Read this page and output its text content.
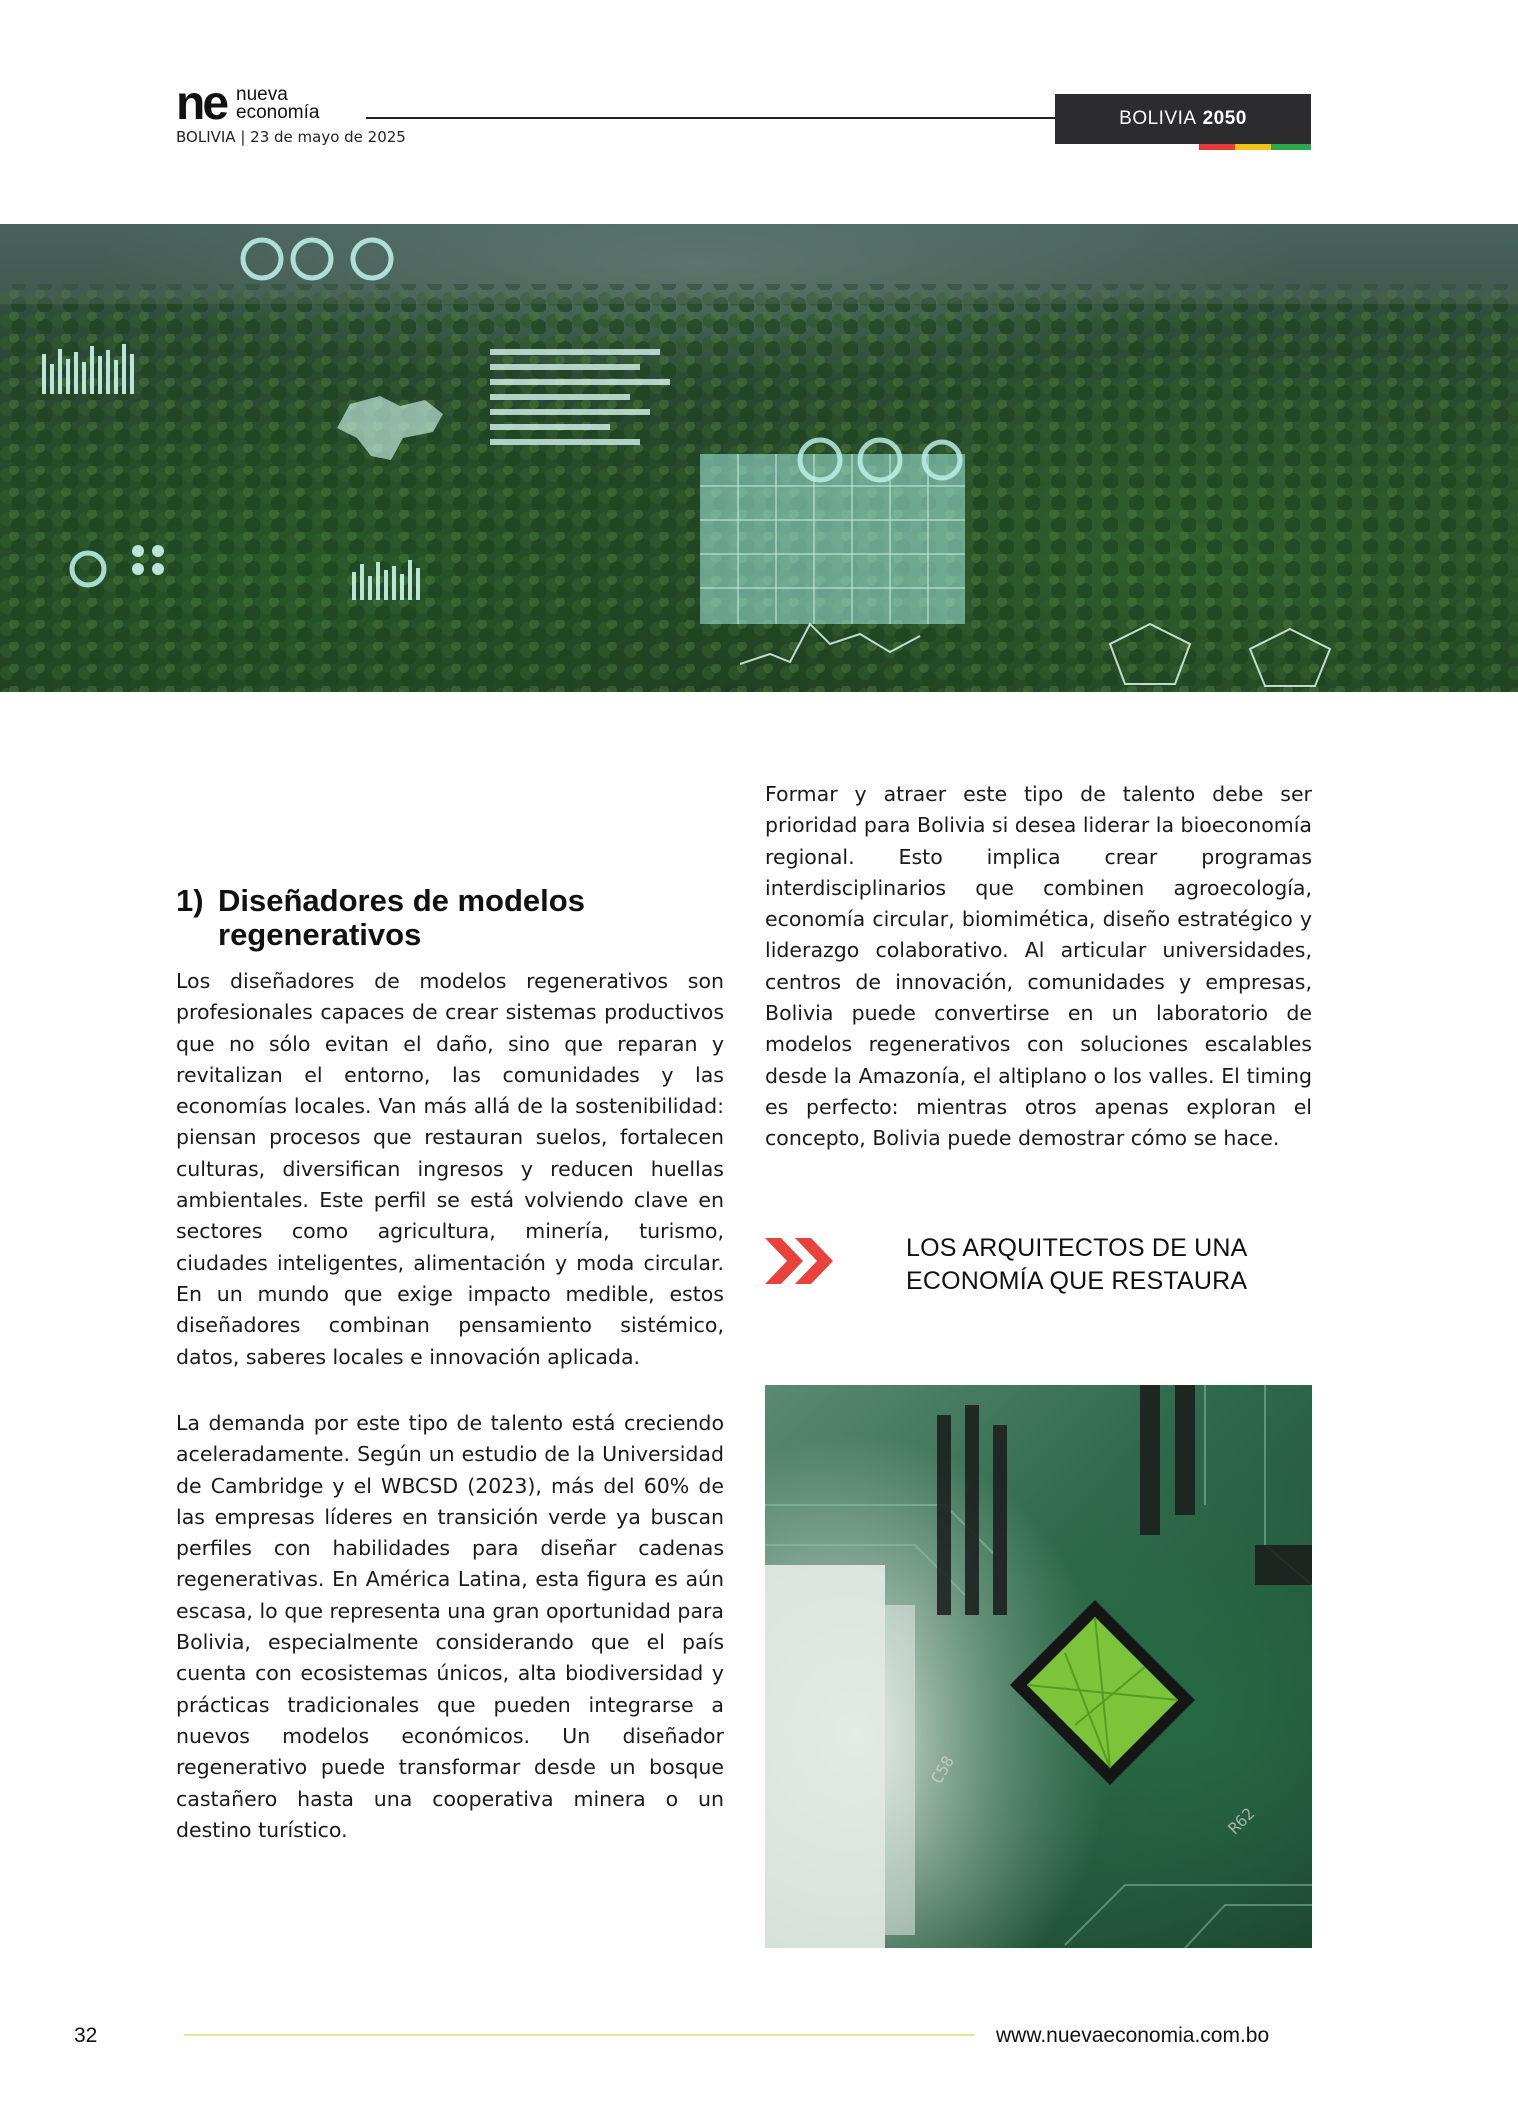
ne nueva
economía
BOLIVIA | 23 de mayo de 2025
BOLIVIA 2050
1) Diseñadores de modelos
regenerativos

Los diseñadores de modelos regenerativos son profesionales capaces de crear sistemas productivos que no sólo evitan el daño, sino que reparan y revitalizan el entorno, las comunidades y las economías locales. Van más allá de la sostenibilidad: piensan procesos que restauran suelos, fortalecen culturas, diversifican ingresos y reducen huellas ambientales. Este perfil se está volviendo clave en sectores como agricultura, minería, turismo, ciudades inteligentes, alimentación y moda circular. En un mundo que exige impacto medible, estos diseñadores combinan pensamiento sistémico, datos, saberes locales e innovación aplicada.

La demanda por este tipo de talento está creciendo aceleradamente. Según un estudio de la Universidad de Cambridge y el WBCSD (2023), más del 60% de las empresas líderes en transición verde ya buscan perfiles con habilidades para diseñar cadenas regenerativas. En América Latina, esta figura es aún escasa, lo que representa una gran oportunidad para Bolivia, especialmente considerando que el país cuenta con ecosistemas únicos, alta biodiversidad y prácticas tradicionales que pueden integrarse a nuevos modelos económicos. Un diseñador regenerativo puede transformar desde un bosque castañero hasta una cooperativa minera o un destino turístico.

Formar y atraer este tipo de talento debe ser prioridad para Bolivia si desea liderar la bioeconomía regional. Esto implica crear programas interdisciplinarios que combinen agroecología, economía circular, biomimética, diseño estratégico y liderazgo colaborativo. Al articular universidades, centros de innovación, comunidades y empresas, Bolivia puede convertirse en un laboratorio de modelos regenerativos con soluciones escalables desde la Amazonía, el altiplano o los valles. El timing es perfecto: mientras otros apenas exploran el concepto, Bolivia puede demostrar cómo se hace.

LOS ARQUITECTOS DE UNA
ECONOMÍA QUE RESTAURA
C58
R62
32	www.nuevaeconomia.com.bo
